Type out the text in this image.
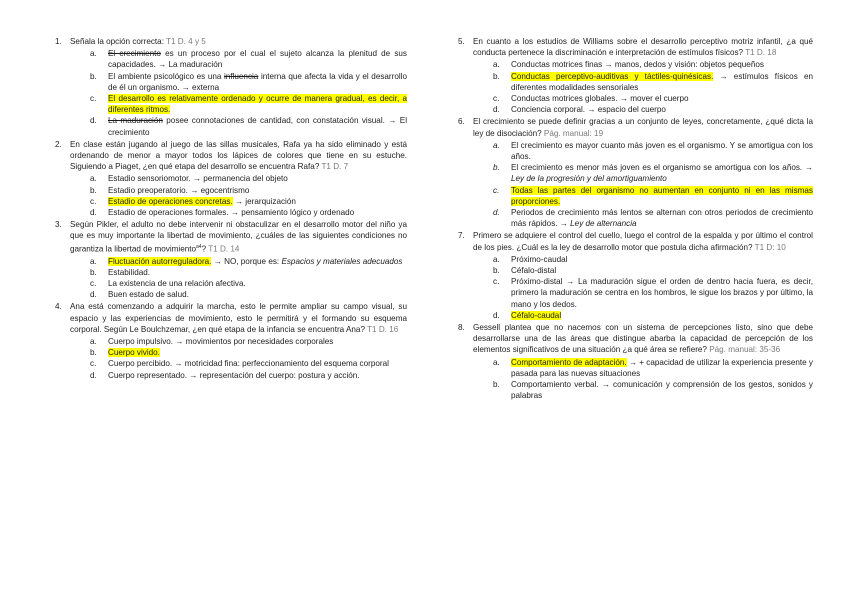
1.	Señala la opción correcta: T1 D. 4 y 5
a.	El crecimiento es un proceso por el cual el sujeto alcanza la plenitud de sus capacidades. → La maduración
b.	El ambiente psicológico es una influencia interna que afecta la vida y el desarrollo de él un organismo. → externa
c.	El desarrollo es relativamente ordenado y ocurre de manera gradual, es decir, a diferentes ritmos.
d.	La maduración posee connotaciones de cantidad, con constatación visual. → El crecimiento
2.	En clase están jugando al juego de las sillas musicales, Rafa ya ha sido eliminado y está ordenando de menor a mayor todos los lápices de colores que tiene en su estuche. Siguiendo a Piaget, ¿en qué etapa del desarrollo se encuentra Rafa? T1 D. 7
a.	Estadio sensoriomotor. → permanencia del objeto
b.	Estadio preoperatorio. → egocentrismo
c.	Estadio de operaciones concretas. → jerarquización
d.	Estadio de operaciones formales. → pensamiento lógico y ordenado
3.	Según Pikler, el adulto no debe intervenir ni obstaculizar en el desarrollo motor del niño ya que es muy importante la libertad de movimiento, ¿cuáles de las siguientes condiciones no garantiza la libertad de movimiento$^{a4}$? T1 D. 14
a.	Fluctuación autorreguladora. → NO, porque es: Espacios y materiales adecuados
b.	Estabilidad.
c.	La existencia de una relación afectiva.
d.	Buen estado de salud.
4.	Ana está comenzando a adquirir la marcha, esto le permite ampliar su campo visual, su espacio y las experiencias de movimiento, esto le permitirá y el formando su esquema corporal. Según Le Boulchzemar, ¿en qué etapa de la infancia se encuentra Ana? T1 D. 16
a.	Cuerpo impulsivo. → movimientos por necesidades corporales
b.	Cuerpo vivido.
c.	Cuerpo percibido. → motricidad fina: perfeccionamiento del esquema corporal
d.	Cuerpo representado. → representación del cuerpo: postura y acción.
5.	En cuanto a los estudios de Williams sobre el desarrollo perceptivo motriz infantil, ¿a qué conducta pertenece la discriminación e interpretación de estímulos físicos? T1 D. 18
a.	Conductas motrices finas → manos, dedos y visión: objetos pequeños
b.	Conductas perceptivo-auditivas y táctiles-quinésicas. → estímulos físicos en diferentes modalidades sensoriales
c.	Conductas motrices globales. → mover el cuerpo
d.	Conciencia corporal. → espacio del cuerpo
6.	El crecimiento se puede definir gracias a un conjunto de leyes, concretamente, ¿qué dicta la ley de disociación? Pág. manual: 19
a.	El crecimiento es mayor cuanto más joven es el organismo. Y se amortigua con los años.
b.	El crecimiento es menor más joven es el organismo se amortigua con los años. → Ley de la progresión y del amortiguamiento
c.	Todas las partes del organismo no aumentan en conjunto ni en las mismas proporciones.
d.	Periodos de crecimiento más lentos se alternan con otros periodos de crecimiento más rápidos. → Ley de alternancia
7.	Primero se adquiere el control del cuello, luego el control de la espalda y por último el control de los pies. ¿Cuál es la ley de desarrollo motor que postula dicha afirmación? T1 D: 10
a.	Próximo-caudal
b.	Céfalo-distal
c.	Próximo-distal → La maduración sigue el orden de dentro hacia fuera, es decir, primero la maduración se centra en los hombros, le sigue los brazos y por último, la mano y los dedos.
d.	Céfalo-caudal
8.	Gessell plantea que no nacemos con un sistema de percepciones listo, sino que debe desarrollarse una de las áreas que distingue abarba la capacidad de percepción de los elementos significativos de una situación ¿a qué área se refiere? Pág. manual: 35-36
a.	Comportamiento de adaptación. → + capacidad de utilizar la experiencia presente y pasada para las nuevas situaciones
b.	Comportamiento verbal. → comunicación y comprensión de los gestos, sonidos y palabras
